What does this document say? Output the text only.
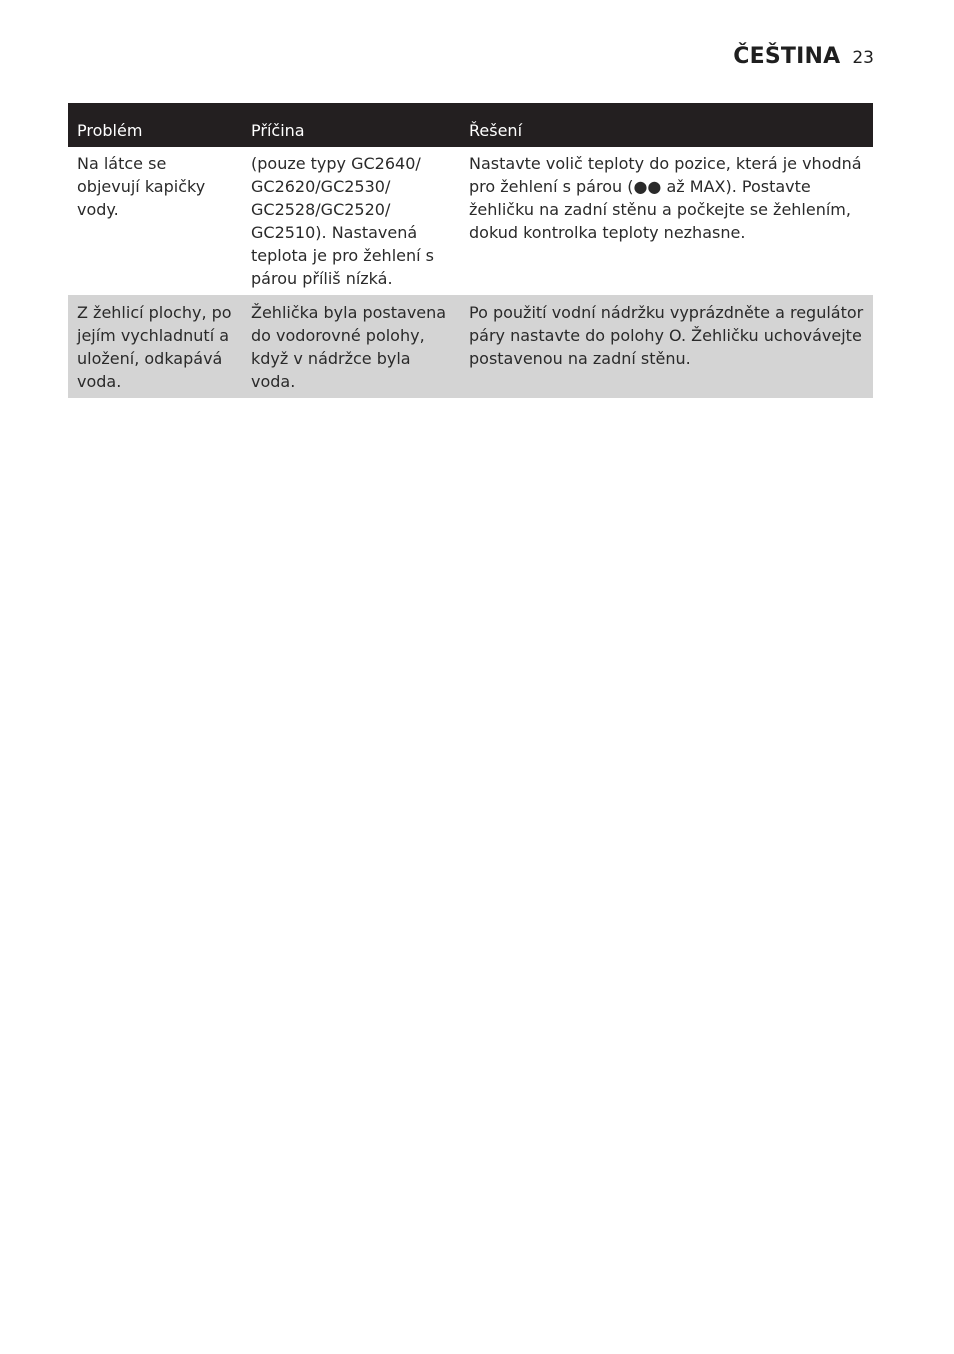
ČEŠTINA 23
Problém	Příčina	Řešení
Na látce se objevují kapičky vody.	(pouze typy GC2640/ GC2620/GC2530/ GC2528/GC2520/ GC2510). Nastavená teplota je pro žehlení s párou příliš nízká.	Nastavte volič teploty do pozice, která je vhodná pro žehlení s párou (●● až MAX). Postavte žehličku na zadní stěnu a počkejte se žehlením, dokud kontrolka teploty nezhasne.
Z žehlicí plochy, po jejím vychladnutí a uložení, odkapává voda.	Žehlička byla postavena do vodorovné polohy, když v nádržce byla voda.	Po použití vodní nádržku vyprázdněte a regulátor páry nastavte do polohy O. Žehličku uchovávejte postavenou na zadní stěnu.
